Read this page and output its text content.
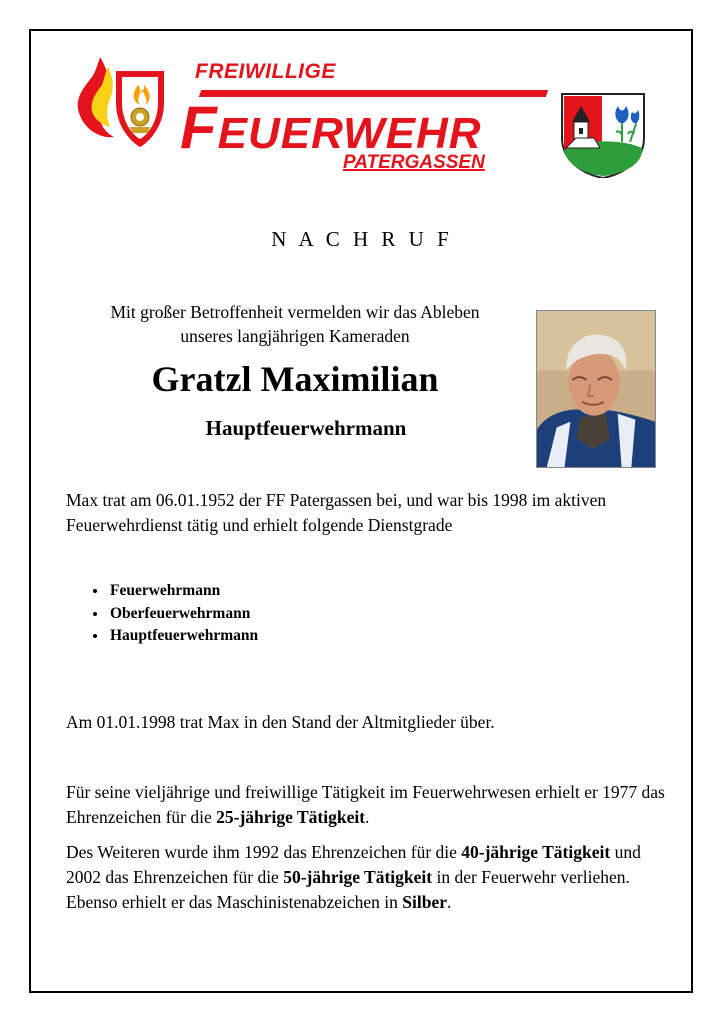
FREIWILLIGE
FEUERWEHR
PATERGASSEN
N A C H R U F
Mit großer Betroffenheit vermelden wir das Ableben
unseres langjährigen Kameraden
Gratzl Maximilian
Hauptfeuerwehrmann
Max trat am 06.01.1952 der FF Patergassen bei, und war bis 1998 im aktiven Feuerwehrdienst tätig und erhielt folgende Dienstgrade
• Feuerwehrmann
• Oberfeuerwehrmann
• Hauptfeuerwehrmann
Am 01.01.1998 trat Max in den Stand der Altmitglieder über.
Für seine vieljährige und freiwillige Tätigkeit im Feuerwehrwesen erhielt er 1977 das Ehrenzeichen für die 25-jährige Tätigkeit.
Des Weiteren wurde ihm 1992 das Ehrenzeichen für die 40-jährige Tätigkeit und 2002 das Ehrenzeichen für die 50-jährige Tätigkeit in der Feuerwehr verliehen. Ebenso erhielt er das Maschinistenabzeichen in Silber.
